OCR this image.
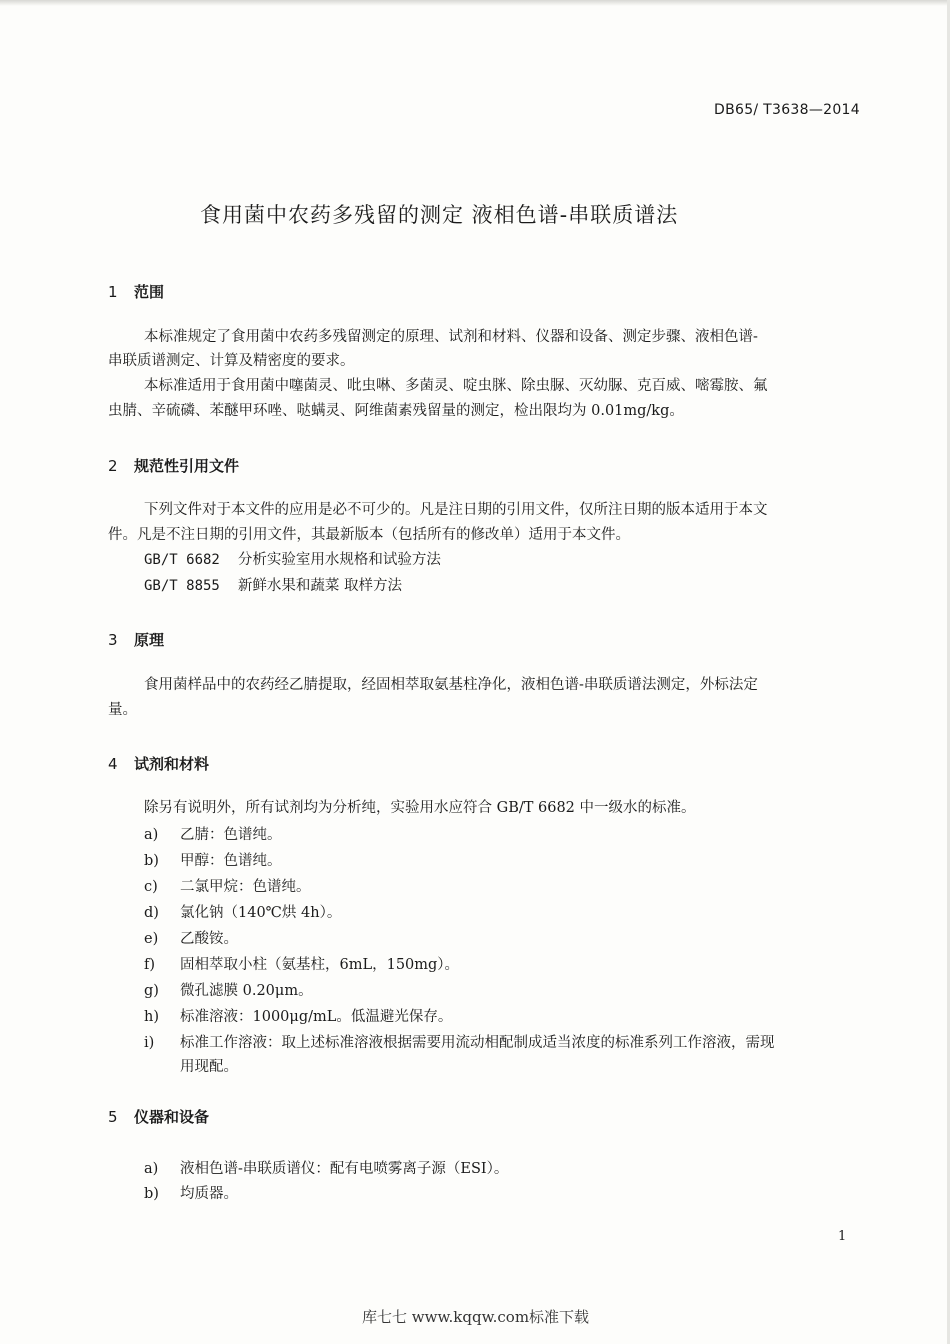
DB65/ T3638—2014
食用菌中农药多残留的测定 液相色谱-串联质谱法
1 范围
本标准规定了食用菌中农药多残留测定的原理、试剂和材料、仪器和设备、测定步骤、液相色谱-
串联质谱测定、计算及精密度的要求。
本标准适用于食用菌中噻菌灵、吡虫啉、多菌灵、啶虫脒、除虫脲、灭幼脲、克百威、嘧霉胺、氟
虫腈、辛硫磷、苯醚甲环唑、哒螨灵、阿维菌素残留量的测定，检出限均为 0.01mg/kg。
2 规范性引用文件
下列文件对于本文件的应用是必不可少的。凡是注日期的引用文件，仅所注日期的版本适用于本文
件。凡是不注日期的引用文件，其最新版本（包括所有的修改单）适用于本文件。
GB/T 6682 分析实验室用水规格和试验方法
GB/T 8855 新鲜水果和蔬菜 取样方法
3 原理
食用菌样品中的农药经乙腈提取，经固相萃取氨基柱净化，液相色谱-串联质谱法测定，外标法定
量。
4 试剂和材料
除另有说明外，所有试剂均为分析纯，实验用水应符合 GB/T 6682 中一级水的标准。
a) 乙腈：色谱纯。
b) 甲醇：色谱纯。
c) 二氯甲烷：色谱纯。
d) 氯化钠（140℃烘 4h）。
e) 乙酸铵。
f) 固相萃取小柱（氨基柱，6mL，150mg）。
g) 微孔滤膜 0.20μm。
h) 标准溶液：1000μg/mL。低温避光保存。
i) 标准工作溶液：取上述标准溶液根据需要用流动相配制成适当浓度的标准系列工作溶液，需现
用现配。
5 仪器和设备
a) 液相色谱-串联质谱仪：配有电喷雾离子源（ESI）。
b) 均质器。
1
库七七 www.kqqw.com标准下载
